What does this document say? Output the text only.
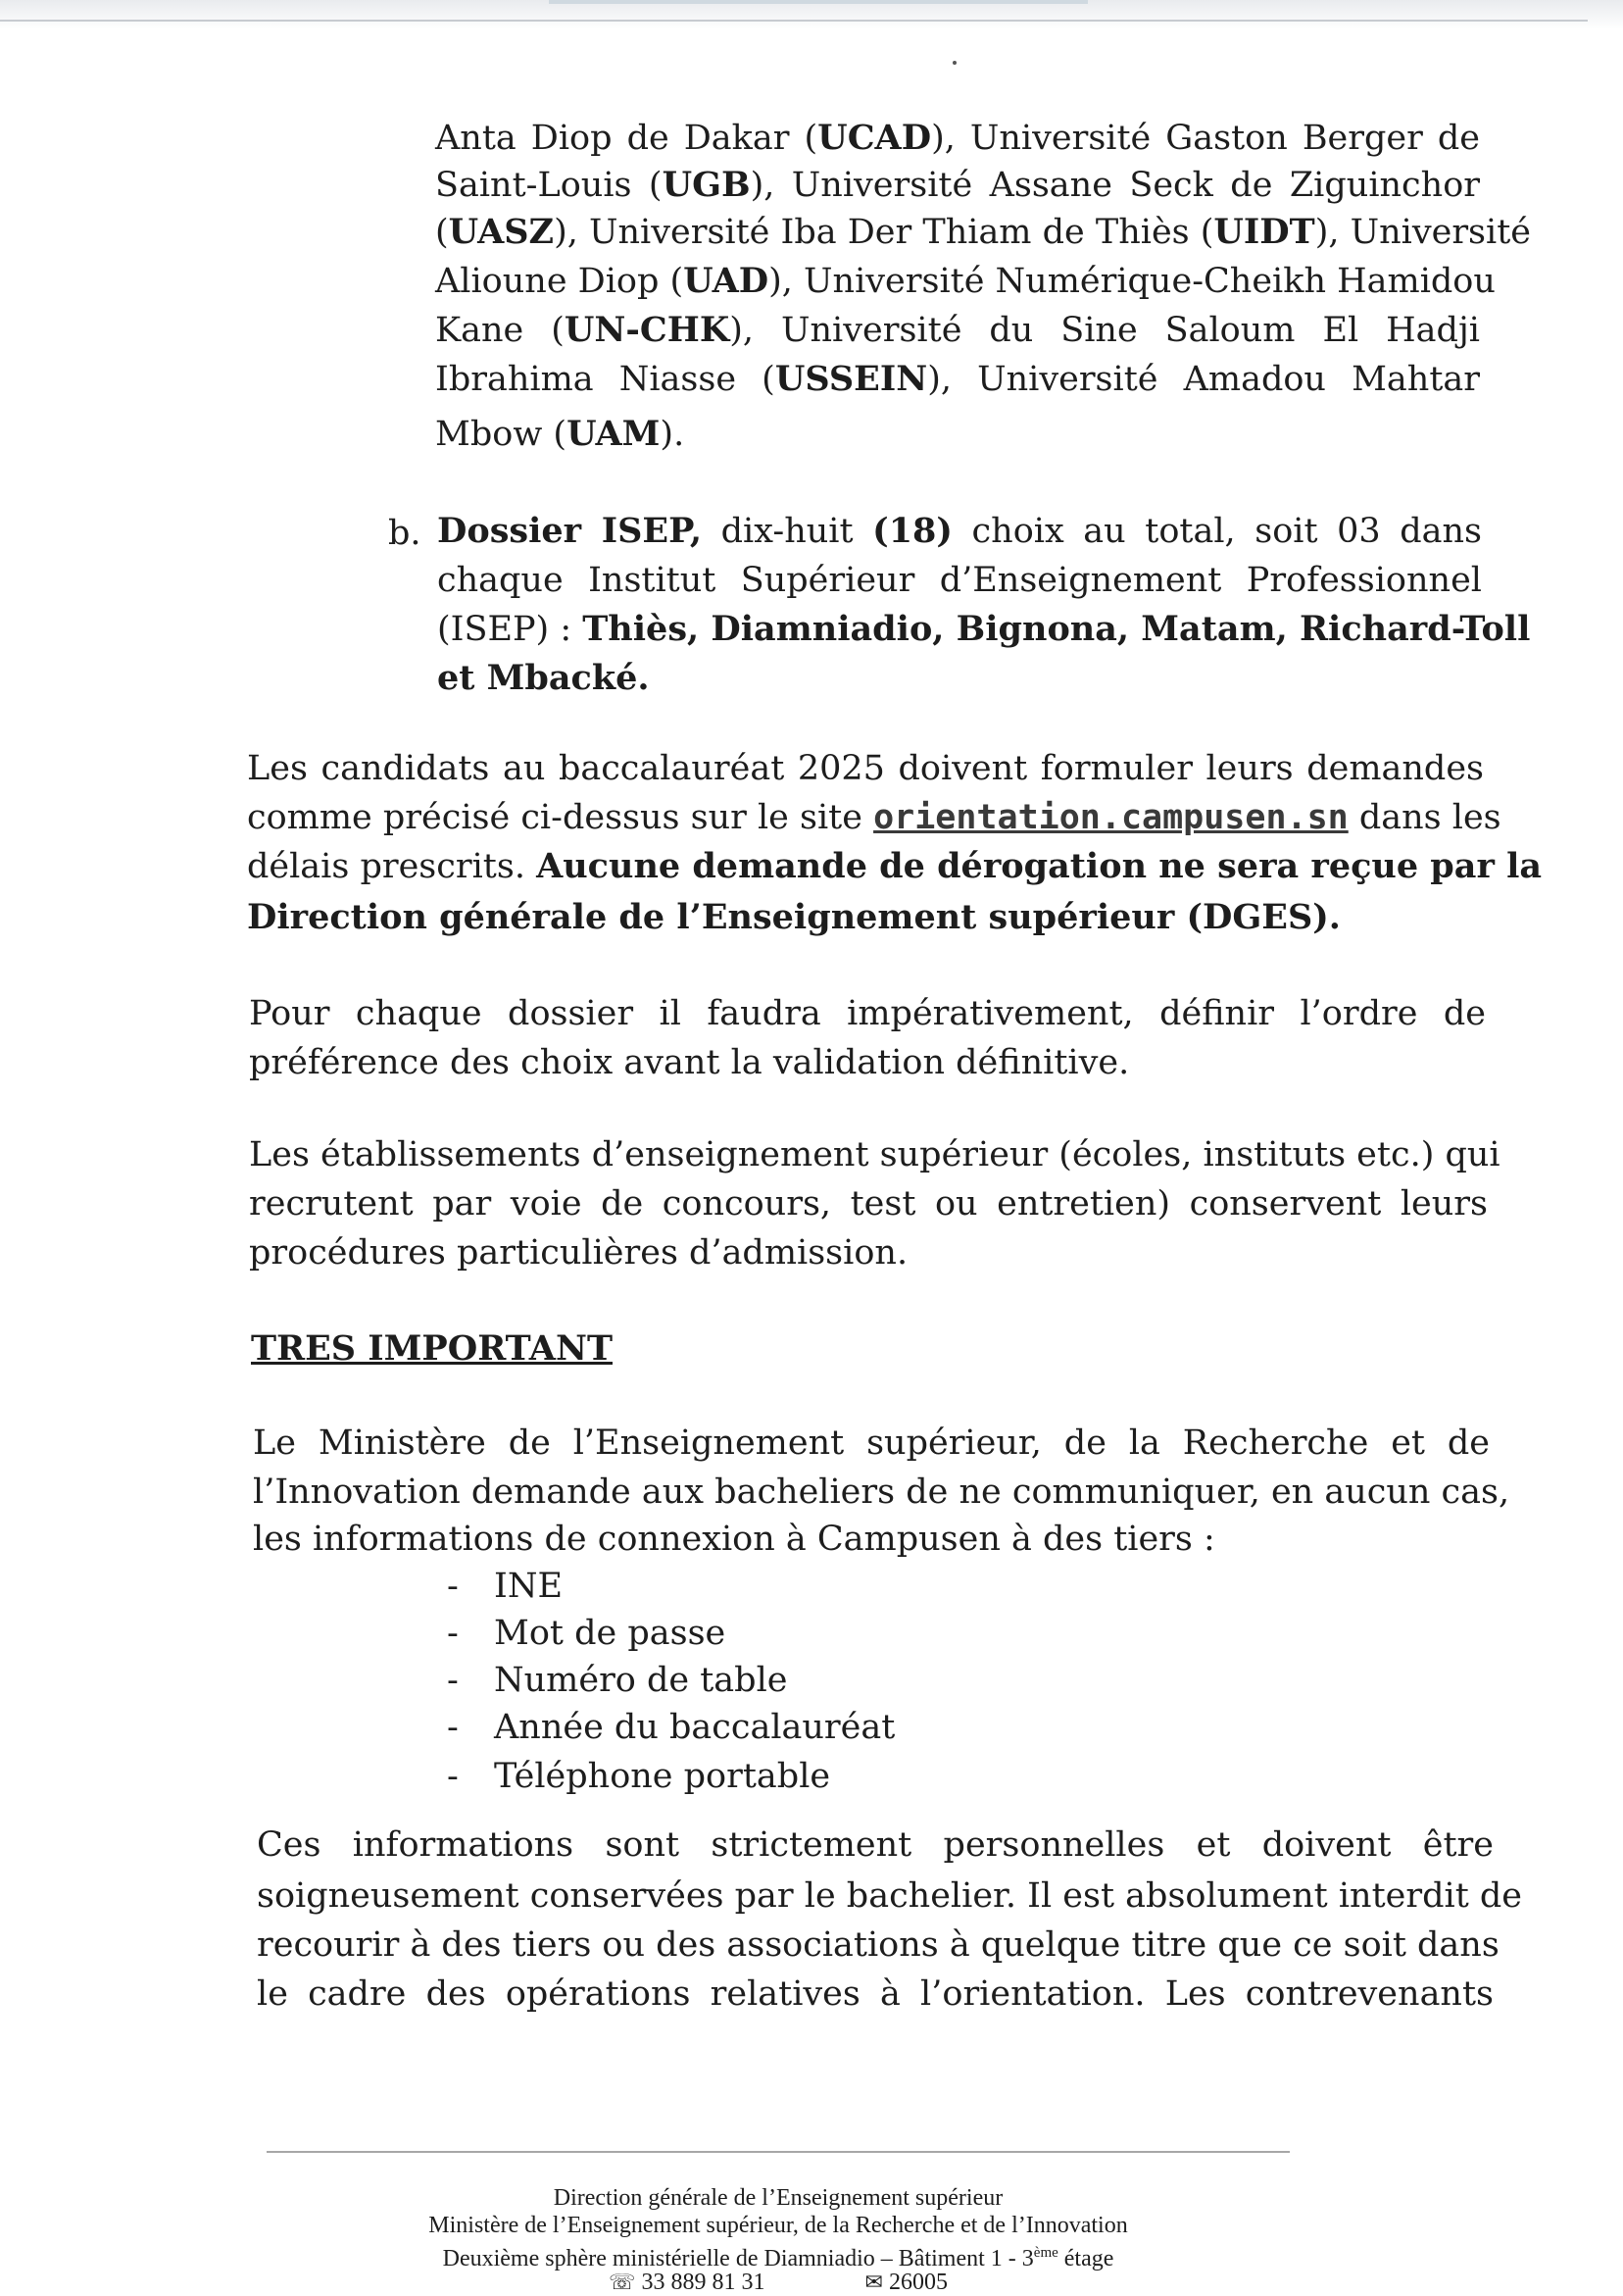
Anta Diop de Dakar (UCAD), Université Gaston Berger de
Saint-Louis (UGB), Université Assane Seck de Ziguinchor
(UASZ), Université Iba Der Thiam de Thiès (UIDT), Université
Alioune Diop (UAD), Université Numérique-Cheikh Hamidou
Kane (UN-CHK), Université du Sine Saloum El Hadji
Ibrahima Niasse (USSEIN), Université Amadou Mahtar
Mbow (UAM).
b. Dossier ISEP, dix-huit (18) choix au total, soit 03 dans
chaque Institut Supérieur d’Enseignement Professionnel
(ISEP) : Thiès, Diamniadio, Bignona, Matam, Richard-Toll
et Mbacké.
Les candidats au baccalauréat 2025 doivent formuler leurs demandes
comme précisé ci-dessus sur le site orientation.campusen.sn dans les
délais prescrits. Aucune demande de dérogation ne sera reçue par la
Direction générale de l’Enseignement supérieur (DGES).
Pour chaque dossier il faudra impérativement, définir l’ordre de
préférence des choix avant la validation définitive.
Les établissements d’enseignement supérieur (écoles, instituts etc.) qui
recrutent par voie de concours, test ou entretien) conservent leurs
procédures particulières d’admission.
TRES IMPORTANT
Le Ministère de l’Enseignement supérieur, de la Recherche et de
l’Innovation demande aux bacheliers de ne communiquer, en aucun cas,
les informations de connexion à Campusen à des tiers :
- INE
- Mot de passe
- Numéro de table
- Année du baccalauréat
- Téléphone portable
Ces informations sont strictement personnelles et doivent être
soigneusement conservées par le bachelier. Il est absolument interdit de
recourir à des tiers ou des associations à quelque titre que ce soit dans
le cadre des opérations relatives à l’orientation. Les contrevenants
Direction générale de l’Enseignement supérieur
Ministère de l’Enseignement supérieur, de la Recherche et de l’Innovation
Deuxième sphère ministérielle de Diamniadio – Bâtiment 1 - 3ème étage
☏ 33 889 81 31	✉ 26005
